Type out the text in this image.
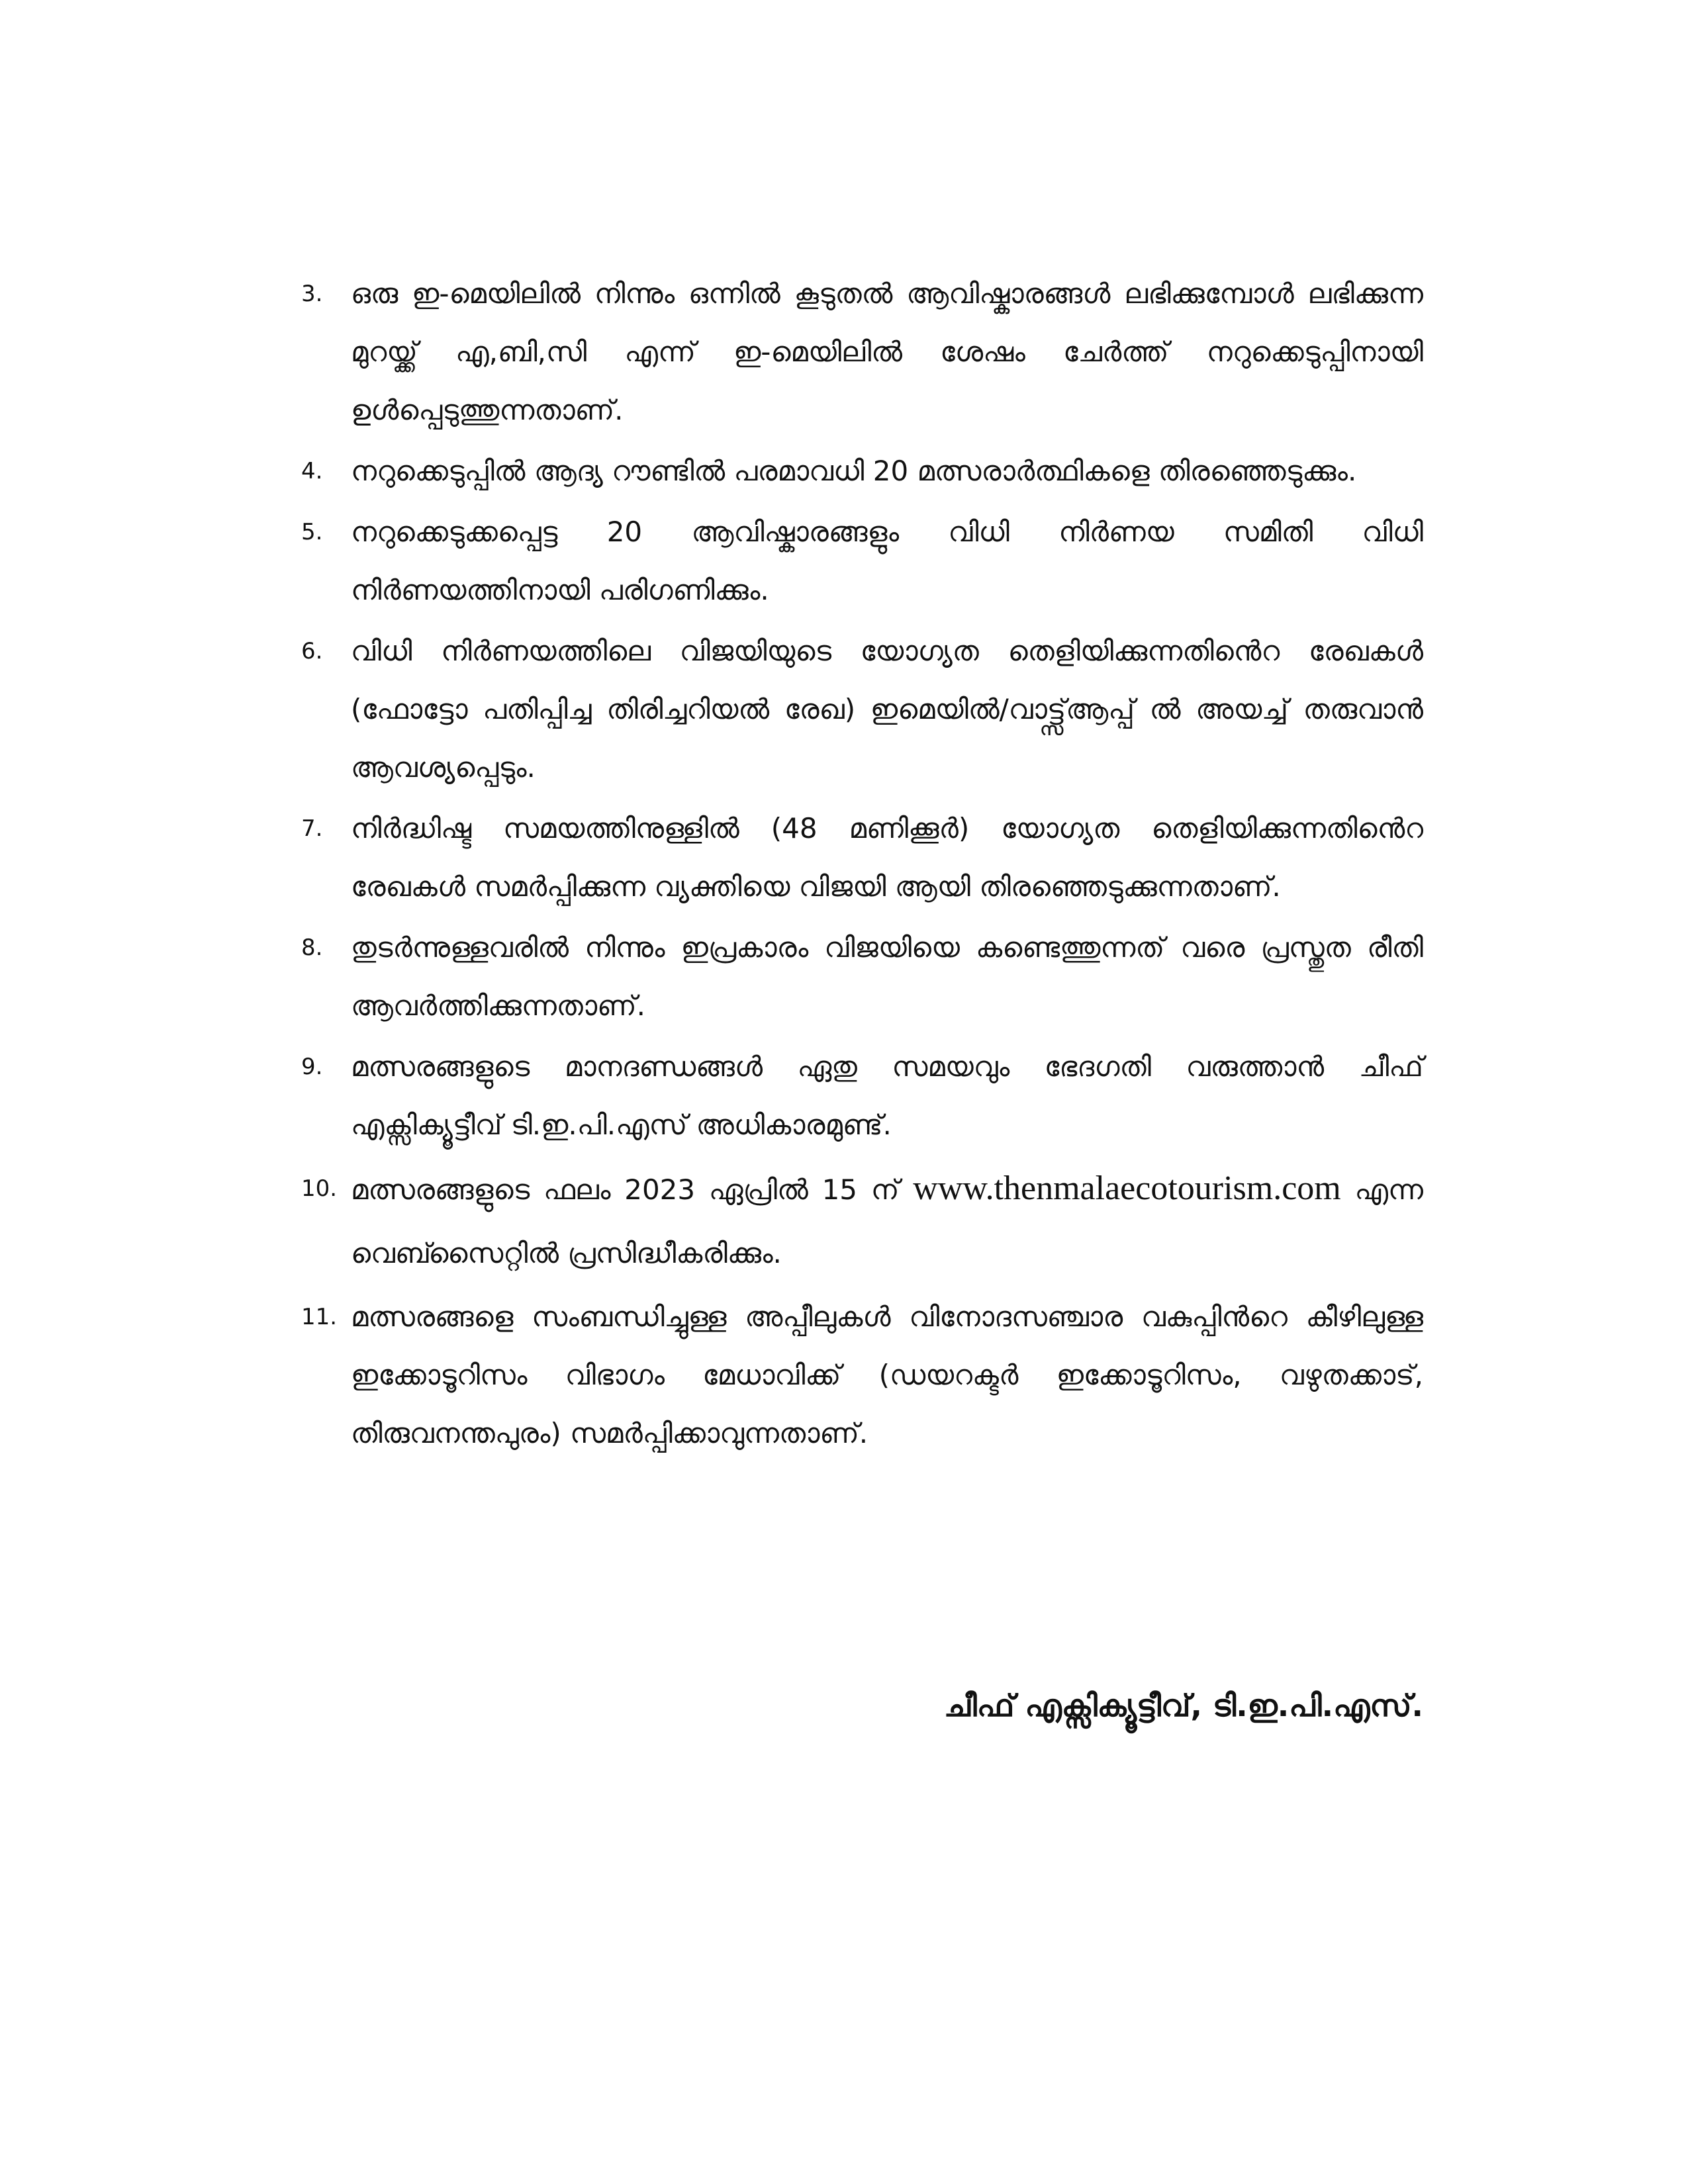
3.	ഒരു ഇ-മെയിലിൽ നിന്നും ഒന്നിൽ കൂടുതൽ ആവിഷ്കാരങ്ങൾ ലഭിക്കുമ്പോൾ ലഭിക്കുന്ന മുറയ്ക്ക് എ,ബി,സി എന്ന് ഇ-മെയിലിൽ ശേഷം ചേർത്ത് നറുക്കെടുപ്പിനായി ഉൾപ്പെടുത്തുന്നതാണ്.
4.	നറുക്കെടുപ്പിൽ ആദ്യ റൗണ്ടിൽ പരമാവധി 20 മത്സരാർത്ഥികളെ തിരഞ്ഞെടുക്കും.
5.	നറുക്കെടുക്കപ്പെട്ട 20 ആവിഷ്കാരങ്ങളും വിധി നിർണയ സമിതി വിധി നിർണയത്തിനായി പരിഗണിക്കും.
6.	വിധി നിർണയത്തിലെ വിജയിയുടെ യോഗ്യത തെളിയിക്കുന്നതിൻെറ രേഖകൾ (ഫോട്ടോ പതിപ്പിച്ച തിരിച്ചറിയൽ രേഖ) ഇമെയിൽ/വാട്ട്സ്ആപ്പ് ൽ അയച്ച് തരുവാൻ ആവശ്യപ്പെടും.
7.	നിർദ്ധിഷ്ട സമയത്തിനുള്ളിൽ (48 മണിക്കൂർ) യോഗ്യത തെളിയിക്കുന്നതിൻെറ രേഖകൾ സമർപ്പിക്കുന്ന വ്യക്തിയെ വിജയി ആയി തിരഞ്ഞെടുക്കുന്നതാണ്.
8.	തുടർന്നുള്ളവരിൽ നിന്നും ഇപ്രകാരം വിജയിയെ കണ്ടെത്തുന്നത് വരെ പ്രസ്തുത രീതി ആവർത്തിക്കുന്നതാണ്.
9.	മത്സരങ്ങളുടെ മാനദണ്ഡങ്ങൾ ഏതു സമയവും ഭേദഗതി വരുത്താൻ ചീഫ് എക്സിക്യൂട്ടീവ് ടി.ഇ.പി.എസ് അധികാരമുണ്ട്.
10. മത്സരങ്ങളുടെ ഫലം 2023 ഏപ്രിൽ 15 ന് www.thenmalaecotourism.com എന്ന വെബ്സൈറ്റിൽ പ്രസിദ്ധീകരിക്കും.
11. മത്സരങ്ങളെ സംബന്ധിച്ചുള്ള അപ്പീലുകൾ വിനോദസഞ്ചാര വകുപ്പിൻറെ കീഴിലുള്ള ഇക്കോടൂറിസം വിഭാഗം മേധാവിക്ക് (ഡയറക്ടർ ഇക്കോടൂറിസം, വഴുതക്കാട്, തിരുവനന്തപുരം) സമർപ്പിക്കാവുന്നതാണ്.
ചീഫ് എക്സിക്യൂട്ടീവ്, ടി.ഇ.പി.എസ്.
